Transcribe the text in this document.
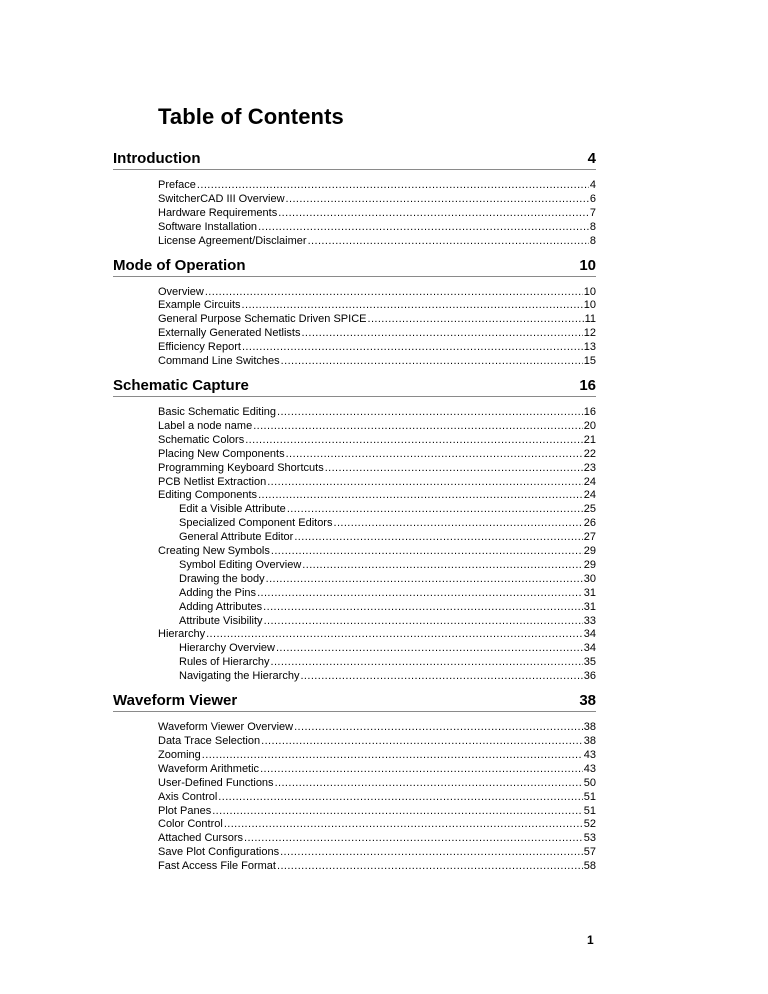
Table of Contents
Introduction	4
Preface .....	4
SwitcherCAD III Overview .....	6
Hardware Requirements .....	7
Software Installation .....	8
License Agreement/Disclaimer .....	8
Mode of Operation	10
Overview .....	10
Example Circuits .....	10
General Purpose Schematic Driven SPICE .....	11
Externally Generated Netlists .....	12
Efficiency Report .....	13
Command Line Switches .....	15
Schematic Capture	16
Basic Schematic Editing .....	16
Label a node name .....	20
Schematic Colors .....	21
Placing New Components .....	22
Programming Keyboard Shortcuts .....	23
PCB Netlist Extraction .....	24
Editing Components .....	24
Edit a Visible Attribute .....	25
Specialized Component Editors .....	26
General Attribute Editor .....	27
Creating New Symbols .....	29
Symbol Editing Overview .....	29
Drawing the body .....	30
Adding the Pins .....	31
Adding Attributes .....	31
Attribute Visibility .....	33
Hierarchy .....	34
Hierarchy Overview .....	34
Rules of Hierarchy .....	35
Navigating the Hierarchy .....	36
Waveform Viewer	38
Waveform Viewer Overview .....	38
Data Trace Selection .....	38
Zooming .....	43
Waveform Arithmetic .....	43
User-Defined Functions .....	50
Axis Control .....	51
Plot Panes .....	51
Color Control .....	52
Attached Cursors .....	53
Save Plot Configurations .....	57
Fast Access File Format .....	58
1
